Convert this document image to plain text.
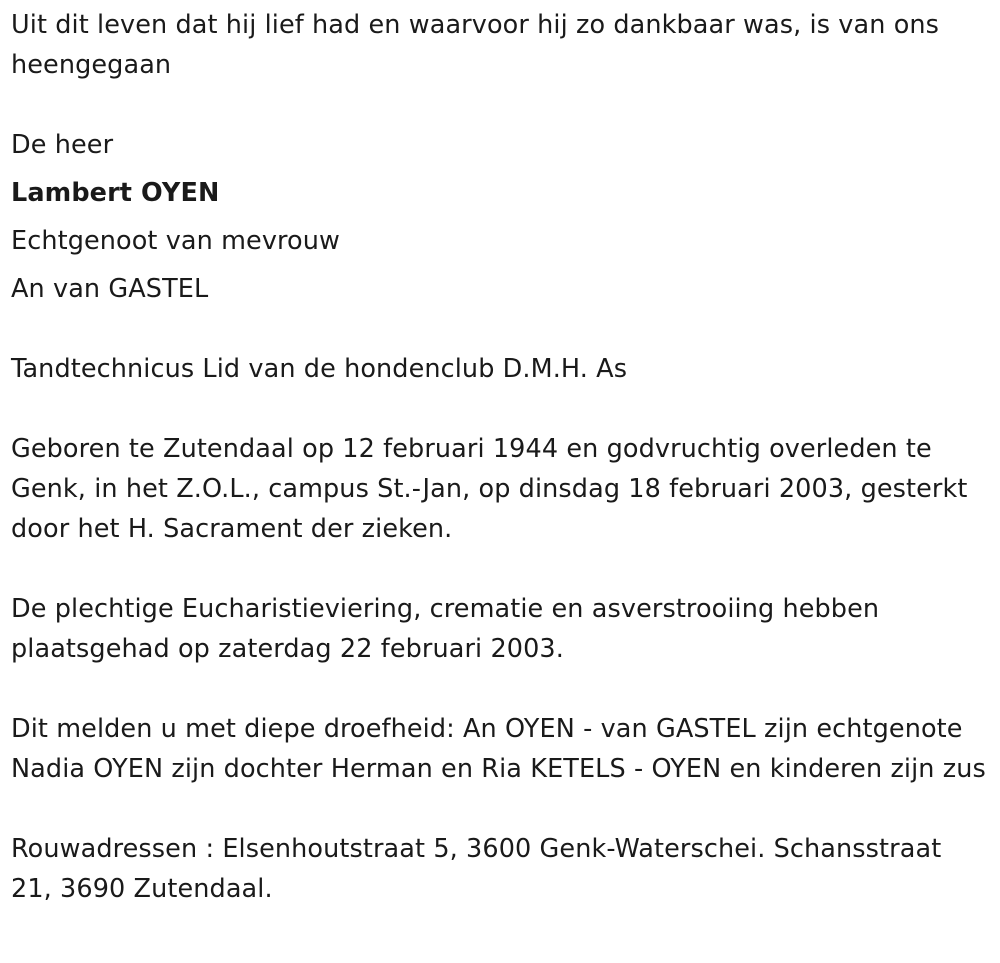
Uit dit leven dat hij lief had en waarvoor hij zo dankbaar was, is van ons heengegaan

De heer

Lambert OYEN

Echtgenoot van mevrouw

An van GASTEL

Tandtechnicus Lid van de hondenclub D.M.H. As

Geboren te Zutendaal op 12 februari 1944 en godvruchtig overleden te Genk, in het Z.O.L., campus St.-Jan, op dinsdag 18 februari 2003, gesterkt door het H. Sacrament der zieken.

De plechtige Eucharistieviering, crematie en asverstrooiing hebben plaatsgehad op zaterdag 22 februari 2003.

Dit melden u met diepe droefheid: An OYEN - van GASTEL zijn echtgenote Nadia OYEN zijn dochter Herman en Ria KETELS - OYEN en kinderen zijn zus

Rouwadressen : Elsenhoutstraat 5, 3600 Genk-Waterschei. Schansstraat 21, 3690 Zutendaal.
